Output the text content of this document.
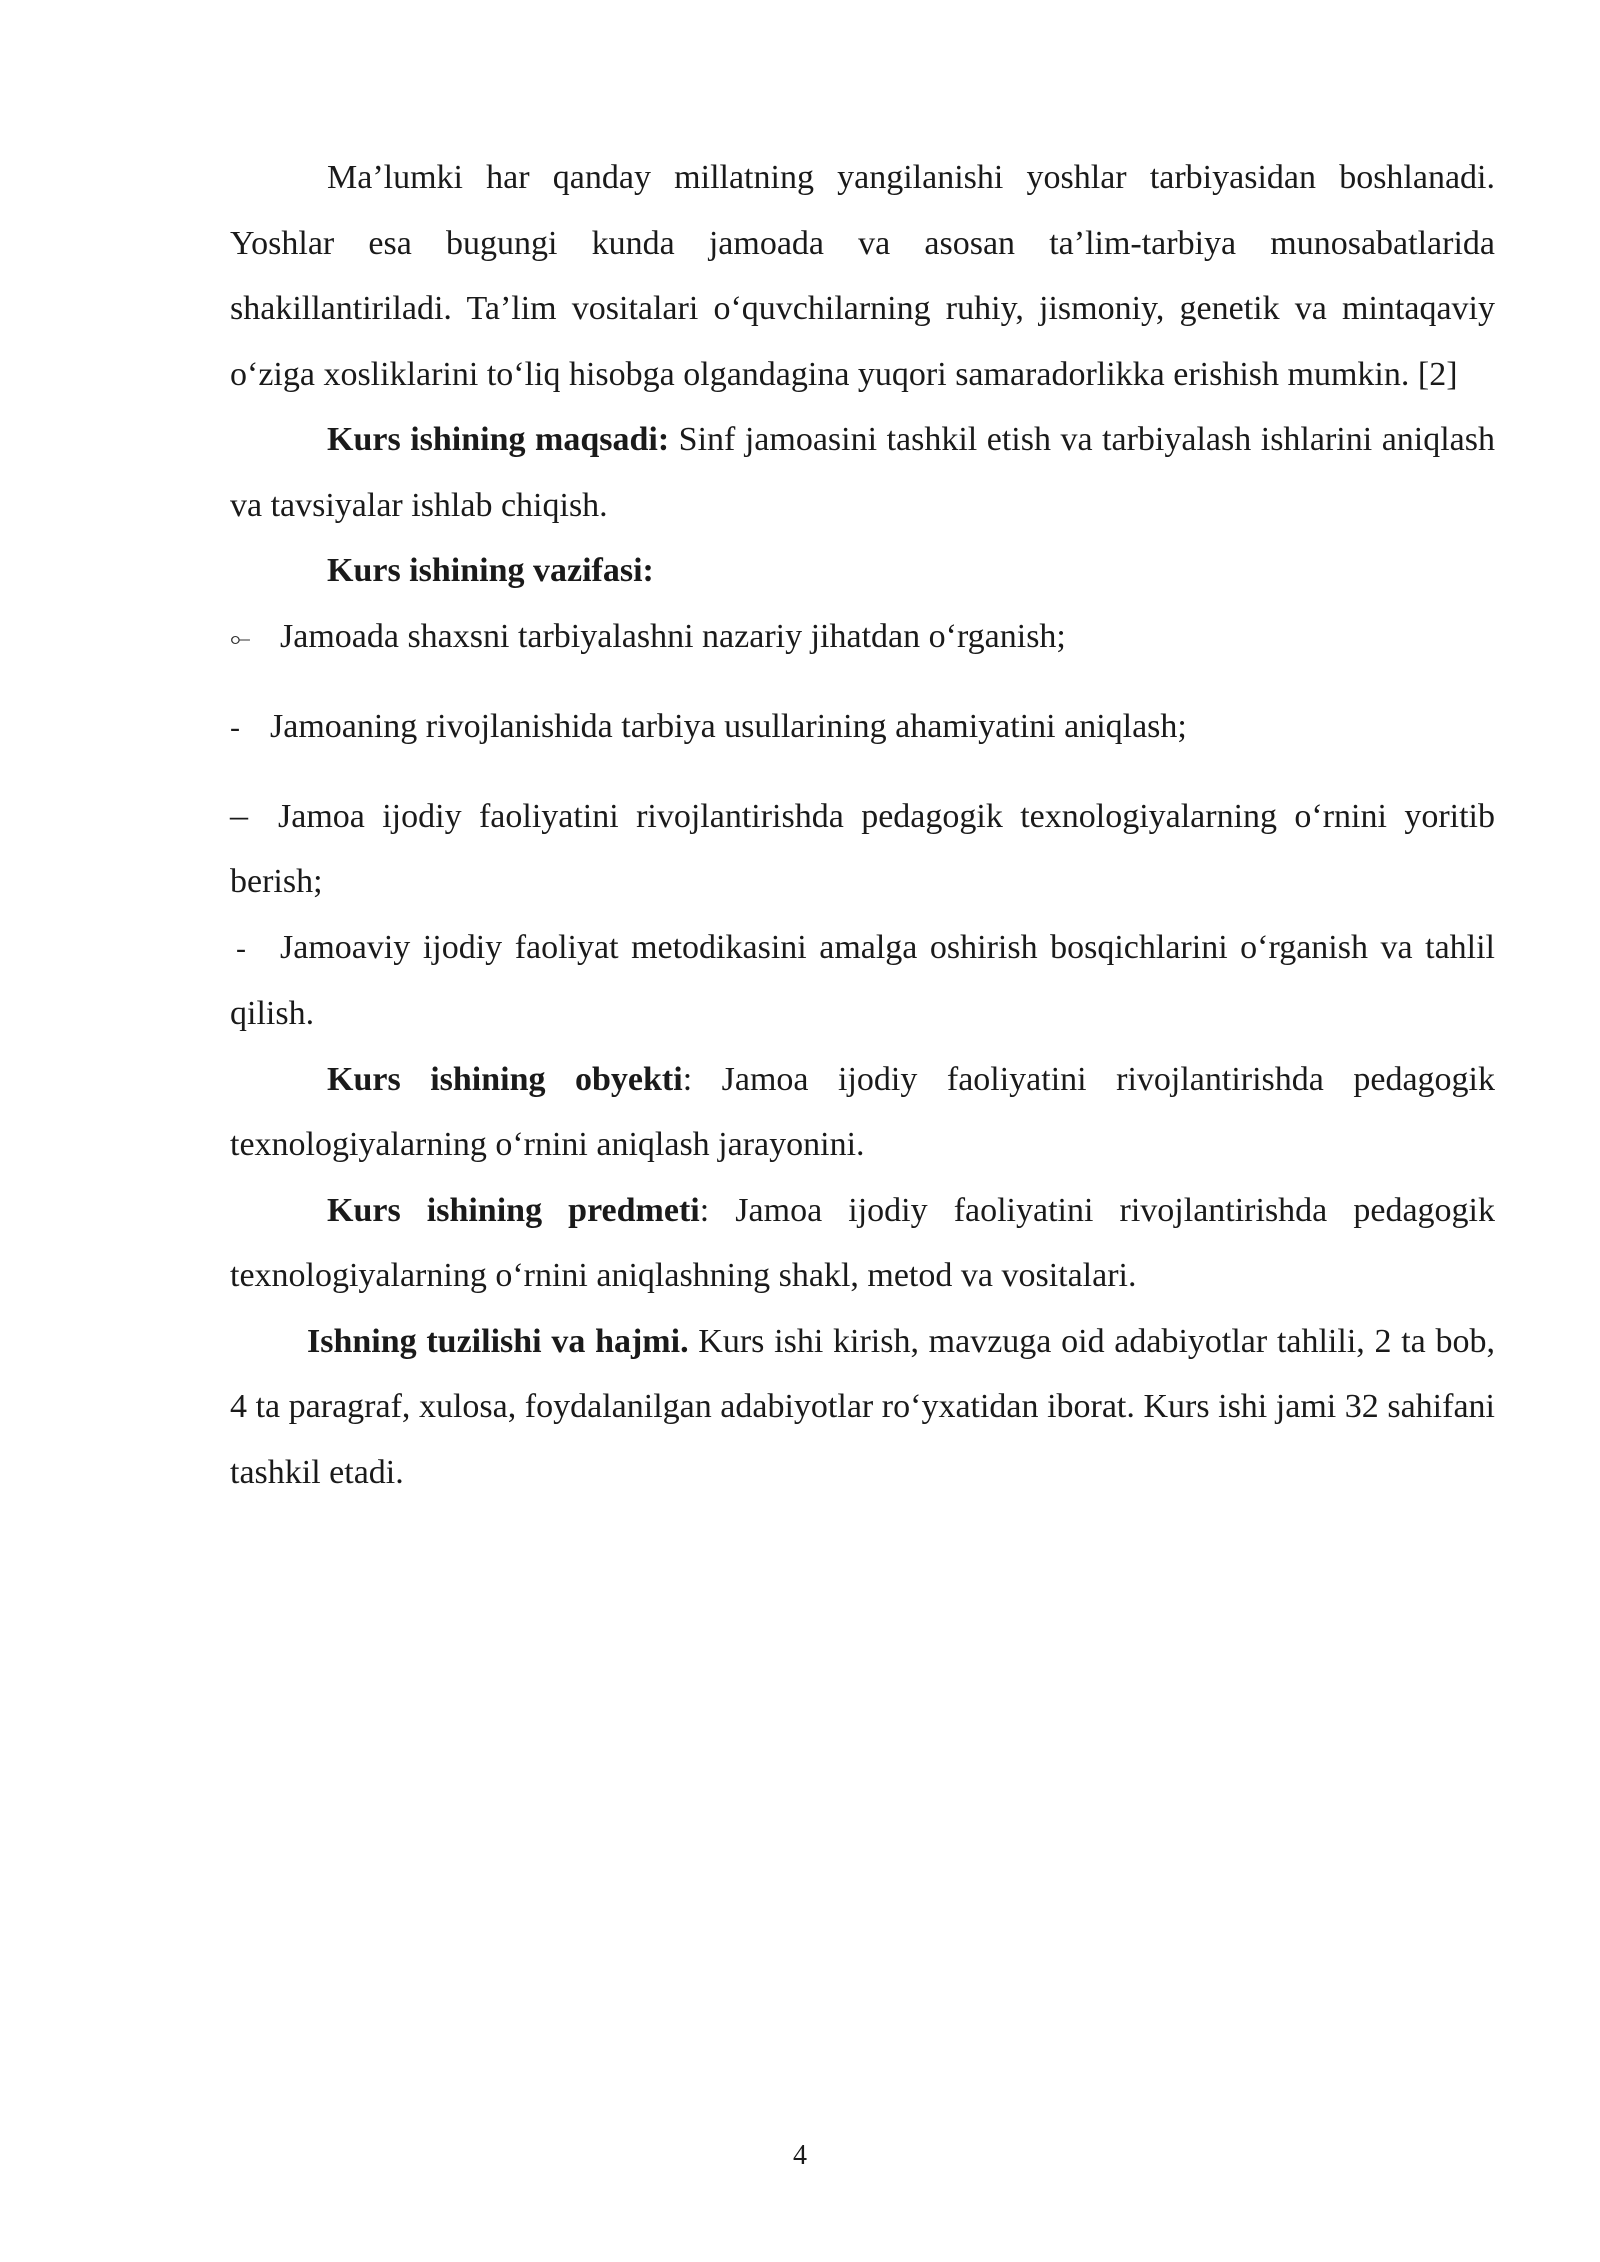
Ma’lumki har qanday millatning yangilanishi yoshlar tarbiyasidan boshlanadi. Yoshlar esa bugungi kunda jamoada va asosan ta’lim-tarbiya munosabatlarida shakillantiriladi. Ta’lim vositalari o‘quvchilarning ruhiy, jismoniy, genetik va mintaqaviy o‘ziga xosliklarini to‘liq hisobga olgandagina yuqori samaradorlikka erishish mumkin. [2]

Kurs ishining maqsadi: Sinf jamoasini tashkil etish va tarbiyalash ishlarini aniqlash va tavsiyalar ishlab chiqish.

Kurs ishining vazifasi:

⟜ Jamoada shaxsni tarbiyalashni nazariy jihatdan o‘rganish;

- Jamoaning rivojlanishida tarbiya usullarining ahamiyatini aniqlash;

– Jamoa ijodiy faoliyatini rivojlantirishda pedagogik texnologiyalarning o‘rnini yoritib berish;

- Jamoaviy ijodiy faoliyat metodikasini amalga oshirish bosqichlarini o‘rganish va tahlil qilish.

Kurs ishining obyekti: Jamoa ijodiy faoliyatini rivojlantirishda pedagogik texnologiyalarning o‘rnini aniqlash jarayonini.

Kurs ishining predmeti: Jamoa ijodiy faoliyatini rivojlantirishda pedagogik texnologiyalarning o‘rnini aniqlashning shakl, metod va vositalari.

Ishning tuzilishi va hajmi. Kurs ishi kirish, mavzuga oid adabiyotlar tahlili, 2 ta bob, 4 ta paragraf, xulosa, foydalanilgan adabiyotlar ro‘yxatidan iborat. Kurs ishi jami 32 sahifani tashkil etadi.

4
